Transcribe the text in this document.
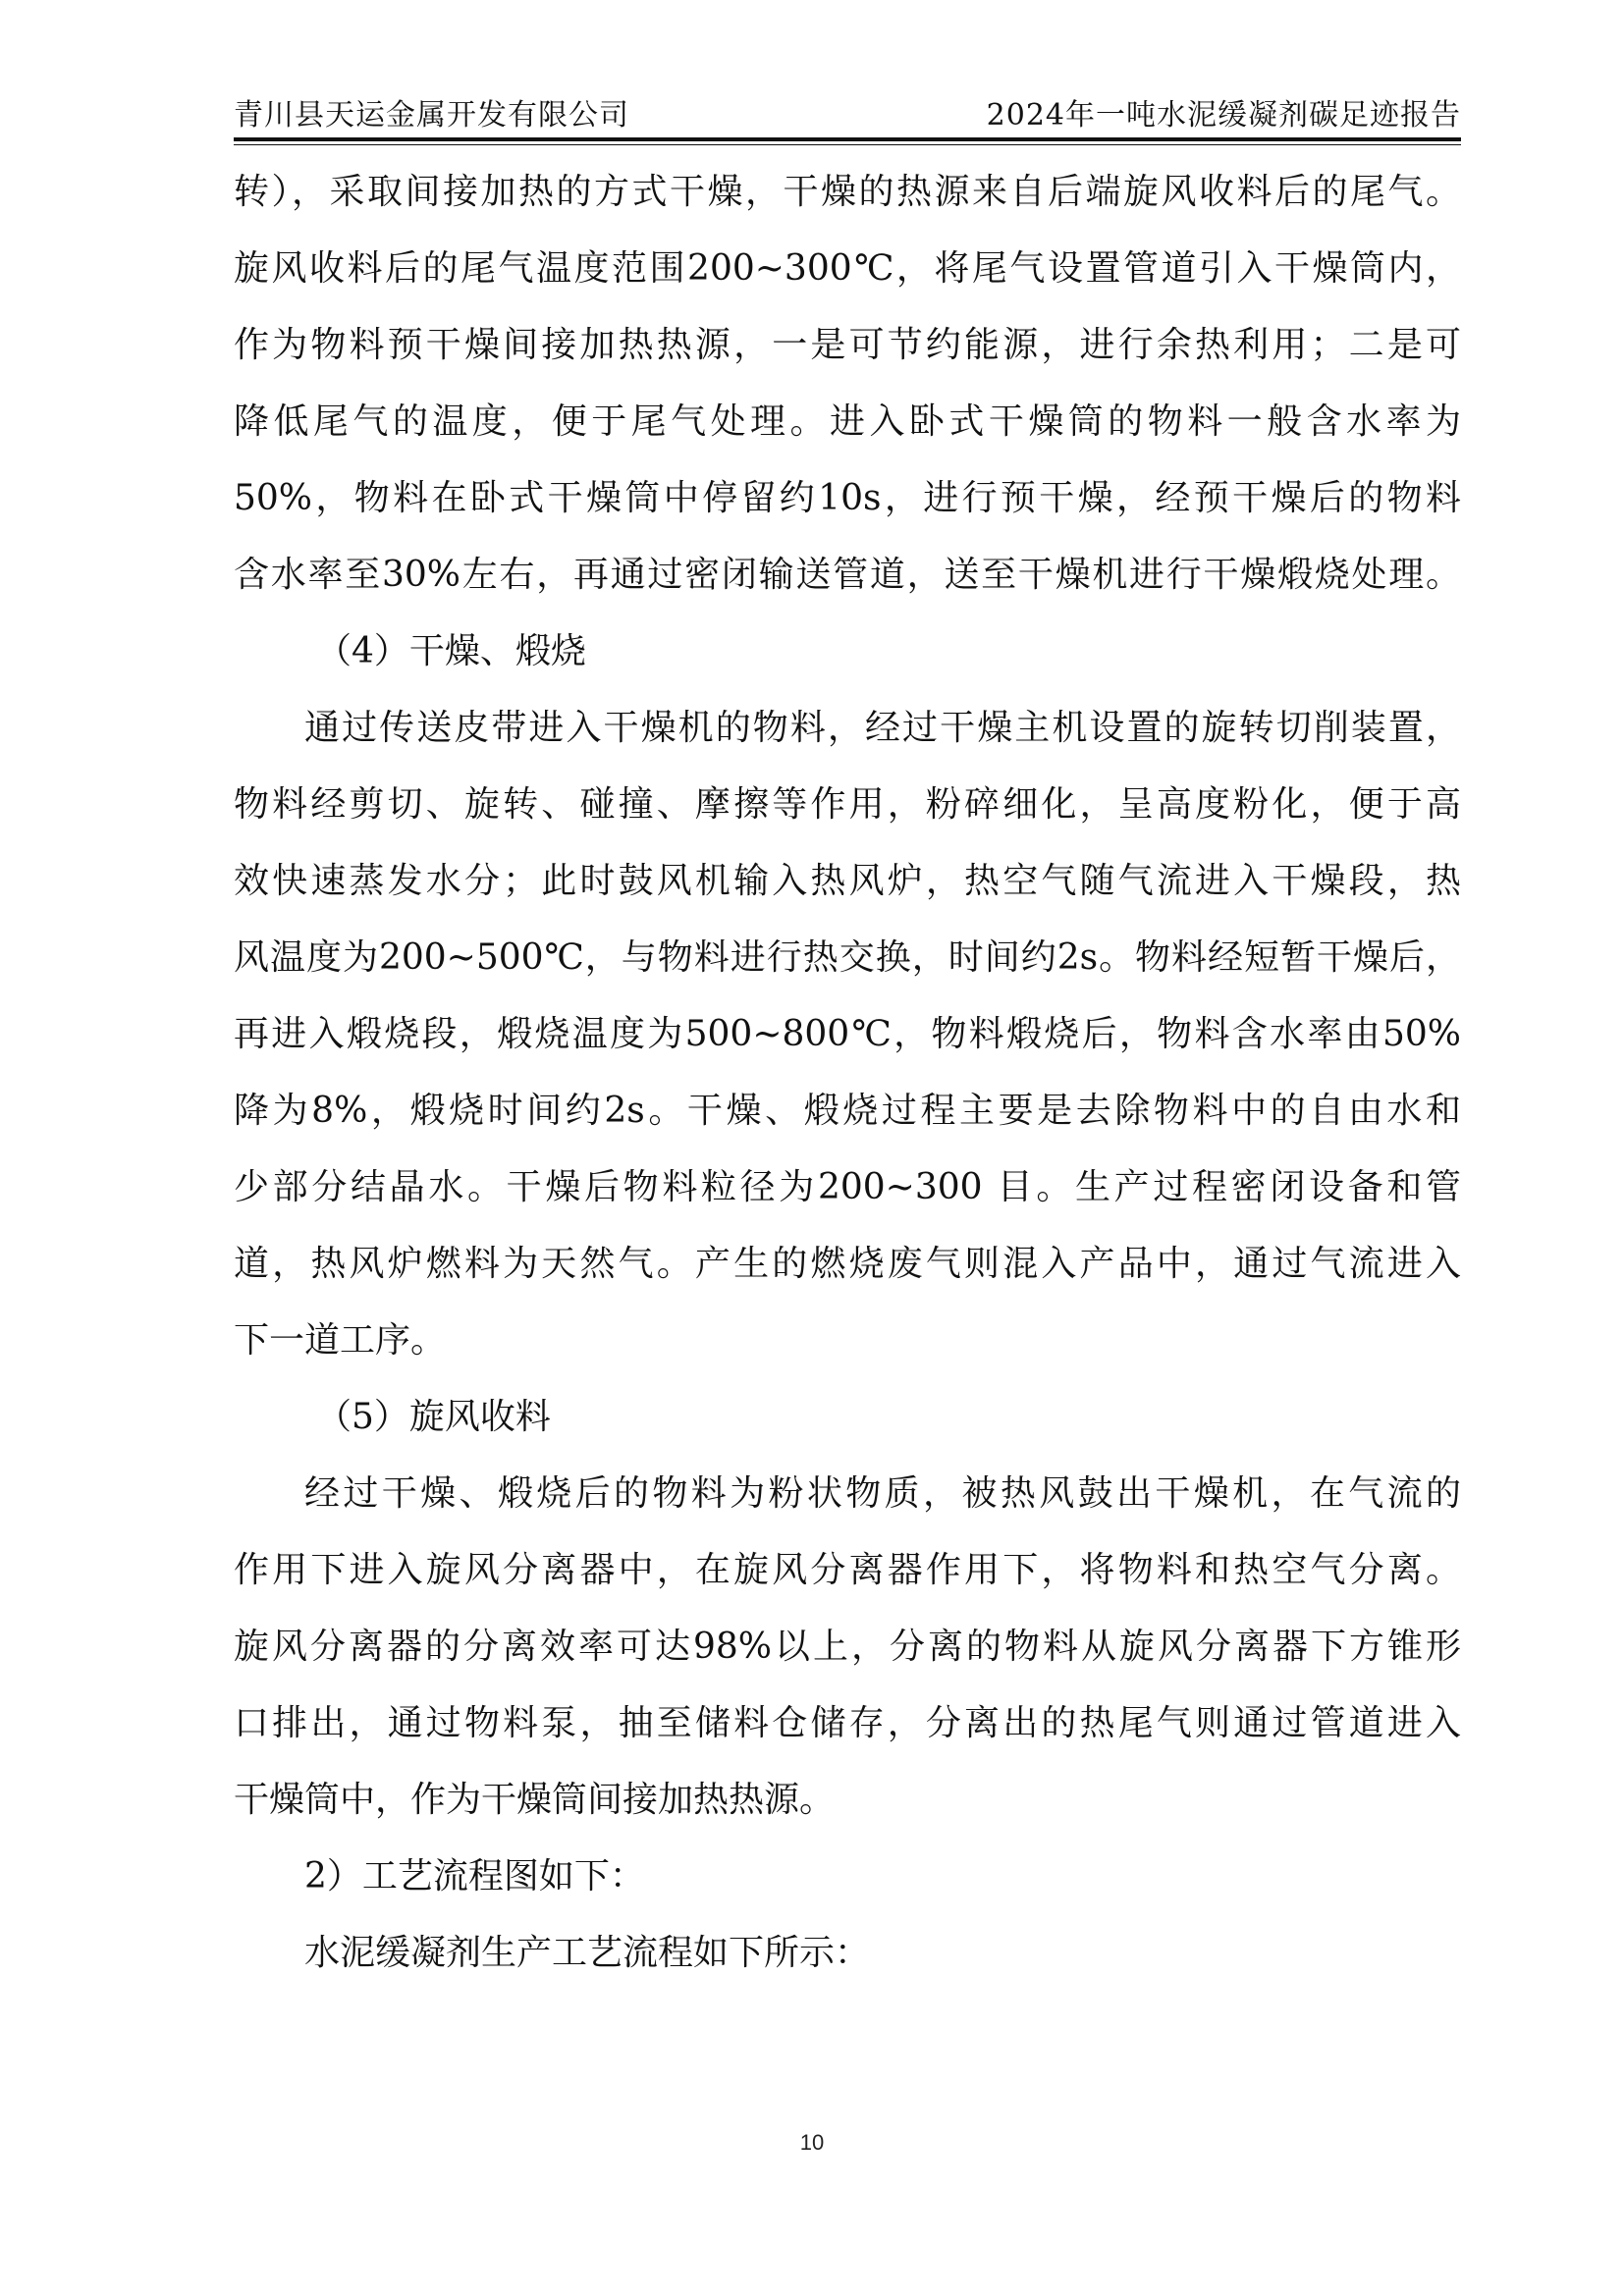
青川县天运金属开发有限公司	2024年一吨水泥缓凝剂碳足迹报告
转），采取间接加热的方式干燥，干燥的热源来自后端旋风收料后的尾气。
旋风收料后的尾气温度范围200~300℃，将尾气设置管道引入干燥筒内，
作为物料预干燥间接加热热源，一是可节约能源，进行余热利用；二是可
降低尾气的温度，便于尾气处理。进入卧式干燥筒的物料一般含水率为
50%，物料在卧式干燥筒中停留约10s，进行预干燥，经预干燥后的物料
含水率至30%左右，再通过密闭输送管道，送至干燥机进行干燥煅烧处理。
（4）干燥、煅烧
通过传送皮带进入干燥机的物料，经过干燥主机设置的旋转切削装置，
物料经剪切、旋转、碰撞、摩擦等作用，粉碎细化，呈高度粉化，便于高
效快速蒸发水分；此时鼓风机输入热风炉，热空气随气流进入干燥段，热
风温度为200~500℃，与物料进行热交换，时间约2s。物料经短暂干燥后，
再进入煅烧段，煅烧温度为500~800℃，物料煅烧后，物料含水率由50%
降为8%，煅烧时间约2s。干燥、煅烧过程主要是去除物料中的自由水和
少部分结晶水。干燥后物料粒径为200~300 目。生产过程密闭设备和管
道，热风炉燃料为天然气。产生的燃烧废气则混入产品中，通过气流进入
下一道工序。
（5）旋风收料
经过干燥、煅烧后的物料为粉状物质，被热风鼓出干燥机，在气流的
作用下进入旋风分离器中，在旋风分离器作用下，将物料和热空气分离。
旋风分离器的分离效率可达98%以上，分离的物料从旋风分离器下方锥形
口排出，通过物料泵，抽至储料仓储存，分离出的热尾气则通过管道进入
干燥筒中，作为干燥筒间接加热热源。
2）工艺流程图如下：
水泥缓凝剂生产工艺流程如下所示：
10
